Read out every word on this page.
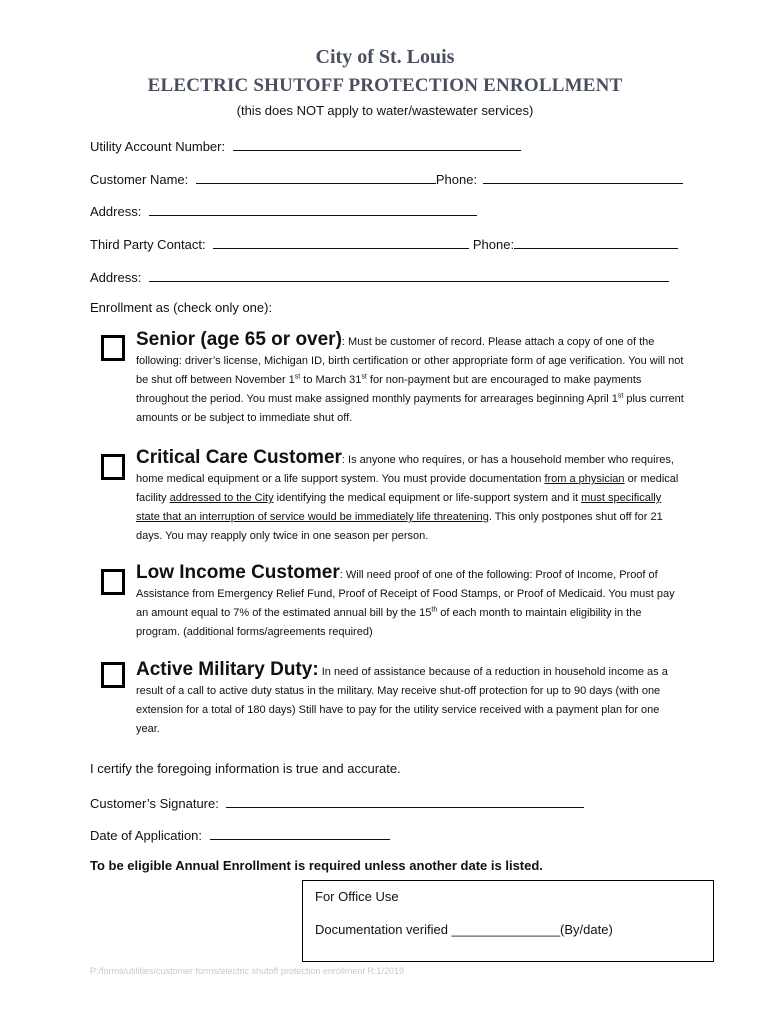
City of St. Louis
ELECTRIC SHUTOFF PROTECTION ENROLLMENT
(this does NOT apply to water/wastewater services)
Utility Account Number:
Customer Name:	Phone:
Address:
Third Party Contact:	Phone:
Address:
Enrollment as (check only one):
Senior (age 65 or over): Must be customer of record. Please attach a copy of one of the following: driver’s license, Michigan ID, birth certification or other appropriate form of age verification. You will not be shut off between November 1st to March 31st for non-payment but are encouraged to make payments throughout the period. You must make assigned monthly payments for arrearages beginning April 1st plus current amounts or be subject to immediate shut off.
Critical Care Customer: Is anyone who requires, or has a household member who requires, home medical equipment or a life support system. You must provide documentation from a physician or medical facility addressed to the City identifying the medical equipment or life-support system and it must specifically state that an interruption of service would be immediately life threatening. This only postpones shut off for 21 days. You may reapply only twice in one season per person.
Low Income Customer: Will need proof of one of the following: Proof of Income, Proof of Assistance from Emergency Relief Fund, Proof of Receipt of Food Stamps, or Proof of Medicaid. You must pay an amount equal to 7% of the estimated annual bill by the 15th of each month to maintain eligibility in the program. (additional forms/agreements required)
Active Military Duty: In need of assistance because of a reduction in household income as a result of a call to active duty status in the military. May receive shut-off protection for up to 90 days (with one extension for a total of 180 days) Still have to pay for the utility service received with a payment plan for one year.
I certify the foregoing information is true and accurate.
Customer’s Signature:
Date of Application:
To be eligible Annual Enrollment is required unless another date is listed.
For Office Use
Documentation verified _______________(By/date)
P:/forms/utilities/customer forms/electric shutoff protection enrollment R:1/2019
